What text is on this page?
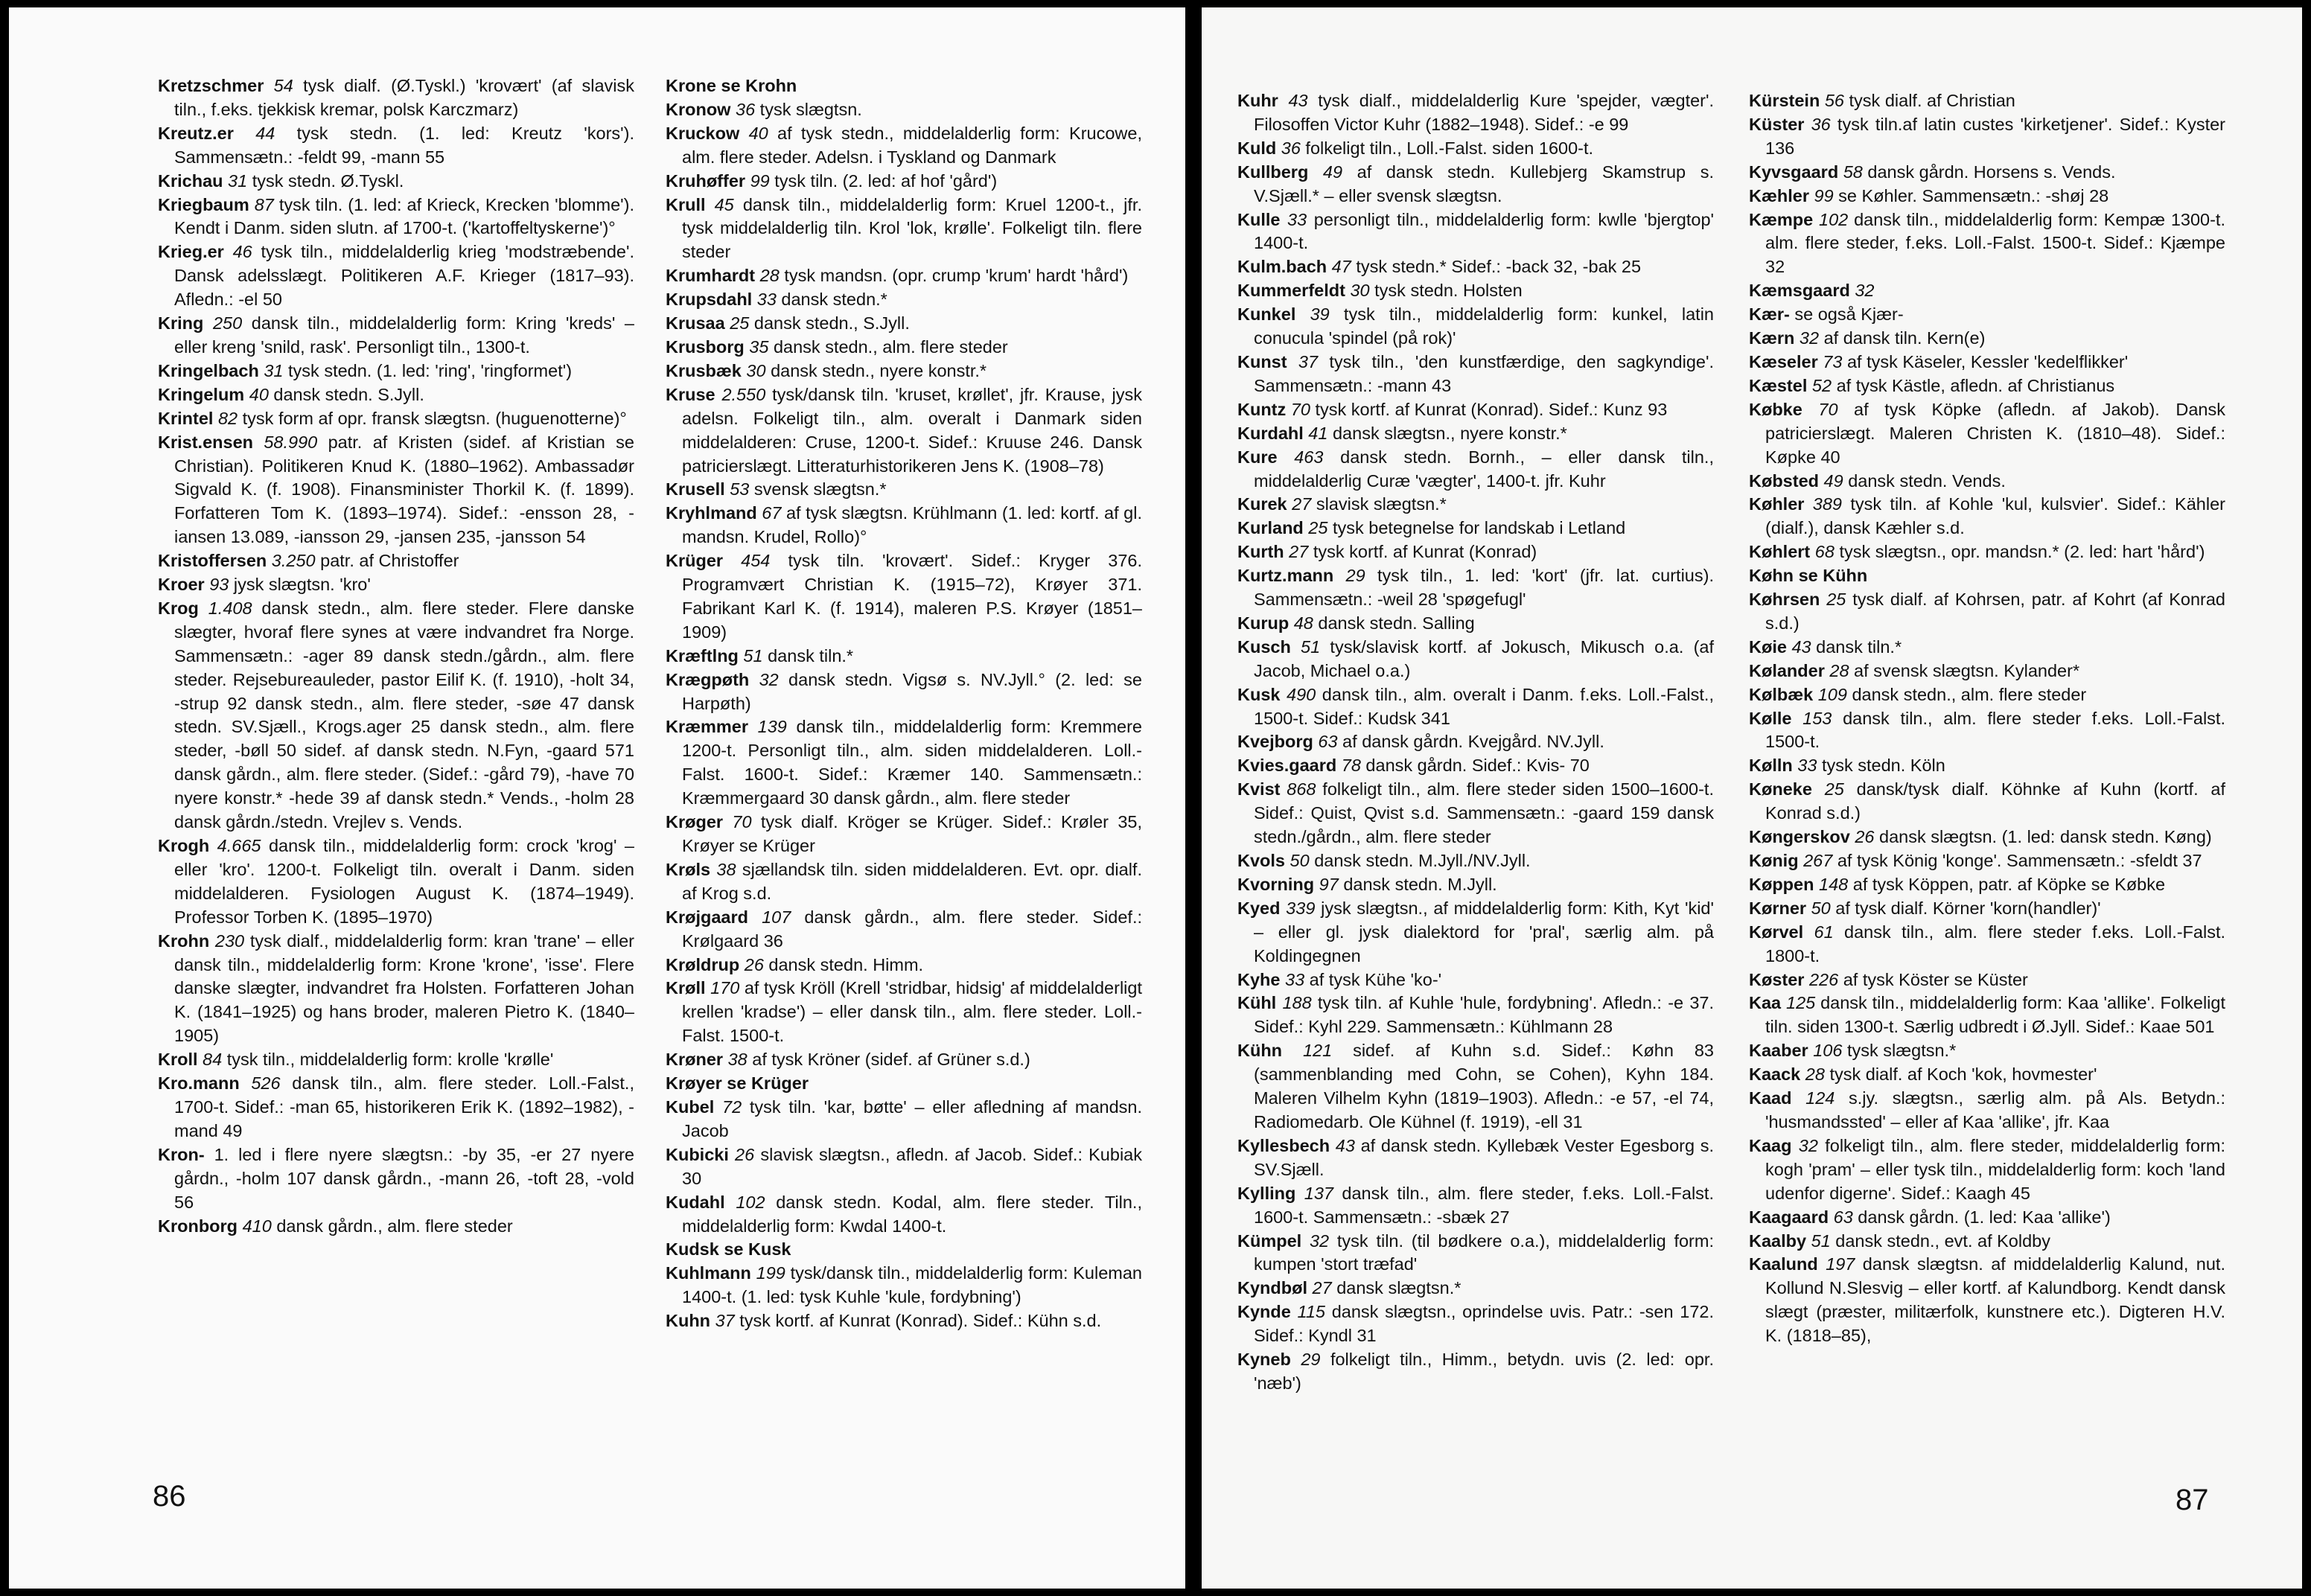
Kretzschmer 54 tysk dialf. (Ø.Tyskl.) 'krovært' (af slavisk tiln., f.eks. tjekkisk kremar, polsk Karczmarz)

Kreutz.er 44 tysk stedn. (1. led: Kreutz 'kors'). Sammensætn.: -feldt 99, -mann 55

Krichau 31 tysk stedn. Ø.Tyskl.

Kriegbaum 87 tysk tiln. (1. led: af Krieck, Krecken 'blomme'). Kendt i Danm. siden slutn. af 1700-t. ('kartoffeltyskerne')°

Krieg.er 46 tysk tiln., middelalderlig krieg 'modstræbende'. Dansk adelsslægt. Politikeren A.F. Krieger (1817–93). Afledn.: -el 50

Kring 250 dansk tiln., middelalderlig form: Kring 'kreds' – eller kreng 'snild, rask'. Personligt tiln., 1300-t.

Kringelbach 31 tysk stedn. (1. led: 'ring', 'ringformet')

Kringelum 40 dansk stedn. S.Jyll.

Krintel 82 tysk form af opr. fransk slægtsn. (huguenotterne)°

Krist.ensen 58.990 patr. af Kristen (sidef. af Kristian se Christian). Politikeren Knud K. (1880–1962). Ambassadør Sigvald K. (f. 1908). Finansminister Thorkil K. (f. 1899). Forfatteren Tom K. (1893–1974). Sidef.: -ensson 28, -iansen 13.089, -iansson 29, -jansen 235, -jansson 54

Kristoffersen 3.250 patr. af Christoffer

Kroer 93 jysk slægtsn. 'kro'

Krog 1.408 dansk stedn., alm. flere steder. Flere danske slægter, hvoraf flere synes at være indvandret fra Norge. Sammensætn.: -ager 89 dansk stedn./gårdn., alm. flere steder. Rejsebureauleder, pastor Eilif K. (f. 1910), -holt 34, -strup 92 dansk stedn., alm. flere steder, -søe 47 dansk stedn. SV.Sjæll., Krogs.ager 25 dansk stedn., alm. flere steder, -bøll 50 sidef. af dansk stedn. N.Fyn, -gaard 571 dansk gårdn., alm. flere steder. (Sidef.: -gård 79), -have 70 nyere konstr.* -hede 39 af dansk stedn.* Vends., -holm 28 dansk gårdn./stedn. Vrejlev s. Vends.

Krogh 4.665 dansk tiln., middelalderlig form: crock 'krog' – eller 'kro'. 1200-t. Folkeligt tiln. overalt i Danm. siden middelalderen. Fysiologen August K. (1874–1949). Professor Torben K. (1895–1970)

Krohn 230 tysk dialf., middelalderlig form: kran 'trane' – eller dansk tiln., middelalderlig form: Krone 'krone', 'isse'. Flere danske slægter, indvandret fra Holsten. Forfatteren Johan K. (1841–1925) og hans broder, maleren Pietro K. (1840–1905)

Kroll 84 tysk tiln., middelalderlig form: krolle 'krølle'

Kro.mann 526 dansk tiln., alm. flere steder. Loll.-Falst., 1700-t. Sidef.: -man 65, historikeren Erik K. (1892–1982), -mand 49

Kron- 1. led i flere nyere slægtsn.: -by 35, -er 27 nyere gårdn., -holm 107 dansk gårdn., -mann 26, -toft 28, -vold 56

Kronborg 410 dansk gårdn., alm. flere steder

Krone se Krohn

Kronow 36 tysk slægtsn.

Kruckow 40 af tysk stedn., middelalderlig form: Krucowe, alm. flere steder. Adelsn. i Tyskland og Danmark

Kruhøffer 99 tysk tiln. (2. led: af hof 'gård')

Krull 45 dansk tiln., middelalderlig form: Kruel 1200-t., jfr. tysk middelalderlig tiln. Krol 'lok, krølle'. Folkeligt tiln. flere steder

Krumhardt 28 tysk mandsn. (opr. crump 'krum' hardt 'hård')

Krupsdahl 33 dansk stedn.*

Krusaa 25 dansk stedn., S.Jyll.

Krusborg 35 dansk stedn., alm. flere steder

Krusbæk 30 dansk stedn., nyere konstr.*

Kruse 2.550 tysk/dansk tiln. 'kruset, krøllet', jfr. Krause, jysk adelsn. Folkeligt tiln., alm. overalt i Danmark siden middelalderen: Cruse, 1200-t. Sidef.: Kruuse 246. Dansk patricierslægt. Litteraturhistorikeren Jens K. (1908–78)

Krusell 53 svensk slægtsn.*

Kryhlmand 67 af tysk slægtsn. Krühlmann (1. led: kortf. af gl. mandsn. Krudel, Rollo)°

Krüger 454 tysk tiln. 'krovært'. Sidef.: Kryger 376. Programvært Christian K. (1915–72), Krøyer 371. Fabrikant Karl K. (f. 1914), maleren P.S. Krøyer (1851–1909)

Kræftlng 51 dansk tiln.*

Krægpøth 32 dansk stedn. Vigsø s. NV.Jyll.° (2. led: se Harpøth)

Kræmmer 139 dansk tiln., middelalderlig form: Kremmere 1200-t. Personligt tiln., alm. siden middelalderen. Loll.-Falst. 1600-t. Sidef.: Kræmer 140. Sammensætn.: Kræmmergaard 30 dansk gårdn., alm. flere steder

Krøger 70 tysk dialf. Kröger se Krüger. Sidef.: Krøler 35, Krøyer se Krüger

Krøls 38 sjællandsk tiln. siden middelalderen. Evt. opr. dialf. af Krog s.d.

Krøjgaard 107 dansk gårdn., alm. flere steder. Sidef.: Krølgaard 36

Krøldrup 26 dansk stedn. Himm.

Krøll 170 af tysk Kröll (Krell 'stridbar, hidsig' af middelalderligt krellen 'kradse') – eller dansk tiln., alm. flere steder. Loll.-Falst. 1500-t.

Krøner 38 af tysk Kröner (sidef. af Grüner s.d.)

Krøyer se Krüger

Kubel 72 tysk tiln. 'kar, bøtte' – eller afledning af mandsn. Jacob

Kubicki 26 slavisk slægtsn., afledn. af Jacob. Sidef.: Kubiak 30

Kudahl 102 dansk stedn. Kodal, alm. flere steder. Tiln., middelalderlig form: Kwdal 1400-t.

Kudsk se Kusk

Kuhlmann 199 tysk/dansk tiln., middelalderlig form: Kuleman 1400-t. (1. led: tysk Kuhle 'kule, fordybning')

Kuhn 37 tysk kortf. af Kunrat (Konrad). Sidef.: Kühn s.d.

86

Kuhr 43 tysk dialf., middelalderlig Kure 'spejder, vægter'. Filosoffen Victor Kuhr (1882–1948). Sidef.: -e 99

Kuld 36 folkeligt tiln., Loll.-Falst. siden 1600-t.

Kullberg 49 af dansk stedn. Kullebjerg Skamstrup s. V.Sjæll.* – eller svensk slægtsn.

Kulle 33 personligt tiln., middelalderlig form: kwlle 'bjergtop' 1400-t.

Kulm.bach 47 tysk stedn.* Sidef.: -back 32, -bak 25

Kummerfeldt 30 tysk stedn. Holsten

Kunkel 39 tysk tiln., middelalderlig form: kunkel, latin conucula 'spindel (på rok)'

Kunst 37 tysk tiln., 'den kunstfærdige, den sagkyndige'. Sammensætn.: -mann 43

Kuntz 70 tysk kortf. af Kunrat (Konrad). Sidef.: Kunz 93

Kurdahl 41 dansk slægtsn., nyere konstr.*

Kure 463 dansk stedn. Bornh., – eller dansk tiln., middelalderlig Curæ 'vægter', 1400-t. jfr. Kuhr

Kurek 27 slavisk slægtsn.*

Kurland 25 tysk betegnelse for landskab i Letland

Kurth 27 tysk kortf. af Kunrat (Konrad)

Kurtz.mann 29 tysk tiln., 1. led: 'kort' (jfr. lat. curtius). Sammensætn.: -weil 28 'spøgefugl'

Kurup 48 dansk stedn. Salling

Kusch 51 tysk/slavisk kortf. af Jokusch, Mikusch o.a. (af Jacob, Michael o.a.)

Kusk 490 dansk tiln., alm. overalt i Danm. f.eks. Loll.-Falst., 1500-t. Sidef.: Kudsk 341

Kvejborg 63 af dansk gårdn. Kvejgård. NV.Jyll.

Kvies.gaard 78 dansk gårdn. Sidef.: Kvis- 70

Kvist 868 folkeligt tiln., alm. flere steder siden 1500–1600-t. Sidef.: Quist, Qvist s.d. Sammensætn.: -gaard 159 dansk stedn./gårdn., alm. flere steder

Kvols 50 dansk stedn. M.Jyll./NV.Jyll.

Kvorning 97 dansk stedn. M.Jyll.

Kyed 339 jysk slægtsn., af middelalderlig form: Kith, Kyt 'kid' – eller gl. jysk dialektord for 'pral', særlig alm. på Koldingegnen

Kyhe 33 af tysk Kühe 'ko-'

Kühl 188 tysk tiln. af Kuhle 'hule, fordybning'. Afledn.: -e 37. Sidef.: Kyhl 229. Sammensætn.: Kühlmann 28

Kühn 121 sidef. af Kuhn s.d. Sidef.: Køhn 83 (sammenblanding med Cohn, se Cohen), Kyhn 184. Maleren Vilhelm Kyhn (1819–1903). Afledn.: -e 57, -el 74, Radiomedarb. Ole Kühnel (f. 1919), -ell 31

Kyllesbech 43 af dansk stedn. Kyllebæk Vester Egesborg s. SV.Sjæll.

Kylling 137 dansk tiln., alm. flere steder, f.eks. Loll.-Falst. 1600-t. Sammensætn.: -sbæk 27

Kümpel 32 tysk tiln. (til bødkere o.a.), middelalderlig form: kumpen 'stort træfad'

Kyndbøl 27 dansk slægtsn.*

Kynde 115 dansk slægtsn., oprindelse uvis. Patr.: -sen 172. Sidef.: Kyndl 31

Kyneb 29 folkeligt tiln., Himm., betydn. uvis (2. led: opr. 'næb')

Kürstein 56 tysk dialf. af Christian

Küster 36 tysk tiln.af latin custes 'kirketjener'. Sidef.: Kyster 136

Kyvsgaard 58 dansk gårdn. Horsens s. Vends.

Kæhler 99 se Køhler. Sammensætn.: -shøj 28

Kæmpe 102 dansk tiln., middelalderlig form: Kempæ 1300-t. alm. flere steder, f.eks. Loll.-Falst. 1500-t. Sidef.: Kjæmpe 32

Kæmsgaard 32

Kær- se også Kjær-

Kærn 32 af dansk tiln. Kern(e)

Kæseler 73 af tysk Käseler, Kessler 'kedelflikker'

Kæstel 52 af tysk Kästle, afledn. af Christianus

Købke 70 af tysk Köpke (afledn. af Jakob). Dansk patricierslægt. Maleren Christen K. (1810–48). Sidef.: Køpke 40

Købsted 49 dansk stedn. Vends.

Køhler 389 tysk tiln. af Kohle 'kul, kulsvier'. Sidef.: Kähler (dialf.), dansk Kæhler s.d.

Køhlert 68 tysk slægtsn., opr. mandsn.* (2. led: hart 'hård')

Køhn se Kühn

Køhrsen 25 tysk dialf. af Kohrsen, patr. af Kohrt (af Konrad s.d.)

Køie 43 dansk tiln.*

Kølander 28 af svensk slægtsn. Kylander*

Kølbæk 109 dansk stedn., alm. flere steder

Kølle 153 dansk tiln., alm. flere steder f.eks. Loll.-Falst. 1500-t.

Kølln 33 tysk stedn. Köln

Køneke 25 dansk/tysk dialf. Köhnke af Kuhn (kortf. af Konrad s.d.)

Køngerskov 26 dansk slægtsn. (1. led: dansk stedn. Køng)

Kønig 267 af tysk König 'konge'. Sammensætn.: -sfeldt 37

Køppen 148 af tysk Köppen, patr. af Köpke se Købke

Kørner 50 af tysk dialf. Körner 'korn(handler)'

Kørvel 61 dansk tiln., alm. flere steder f.eks. Loll.-Falst. 1800-t.

Køster 226 af tysk Köster se Küster

Kaa 125 dansk tiln., middelalderlig form: Kaa 'allike'. Folkeligt tiln. siden 1300-t. Særlig udbredt i Ø.Jyll. Sidef.: Kaae 501

Kaaber 106 tysk slægtsn.*

Kaack 28 tysk dialf. af Koch 'kok, hovmester'

Kaad 124 s.jy. slægtsn., særlig alm. på Als. Betydn.: 'husmandssted' – eller af Kaa 'allike', jfr. Kaa

Kaag 32 folkeligt tiln., alm. flere steder, middelalderlig form: kogh 'pram' – eller tysk tiln., middelalderlig form: koch 'land udenfor digerne'. Sidef.: Kaagh 45

Kaagaard 63 dansk gårdn. (1. led: Kaa 'allike')

Kaalby 51 dansk stedn., evt. af Koldby

Kaalund 197 dansk slægtsn. af middelalderlig Kalund, nut. Kollund N.Slesvig – eller kortf. af Kalundborg. Kendt dansk slægt (præster, militærfolk, kunstnere etc.). Digteren H.V. K. (1818–85),

87
